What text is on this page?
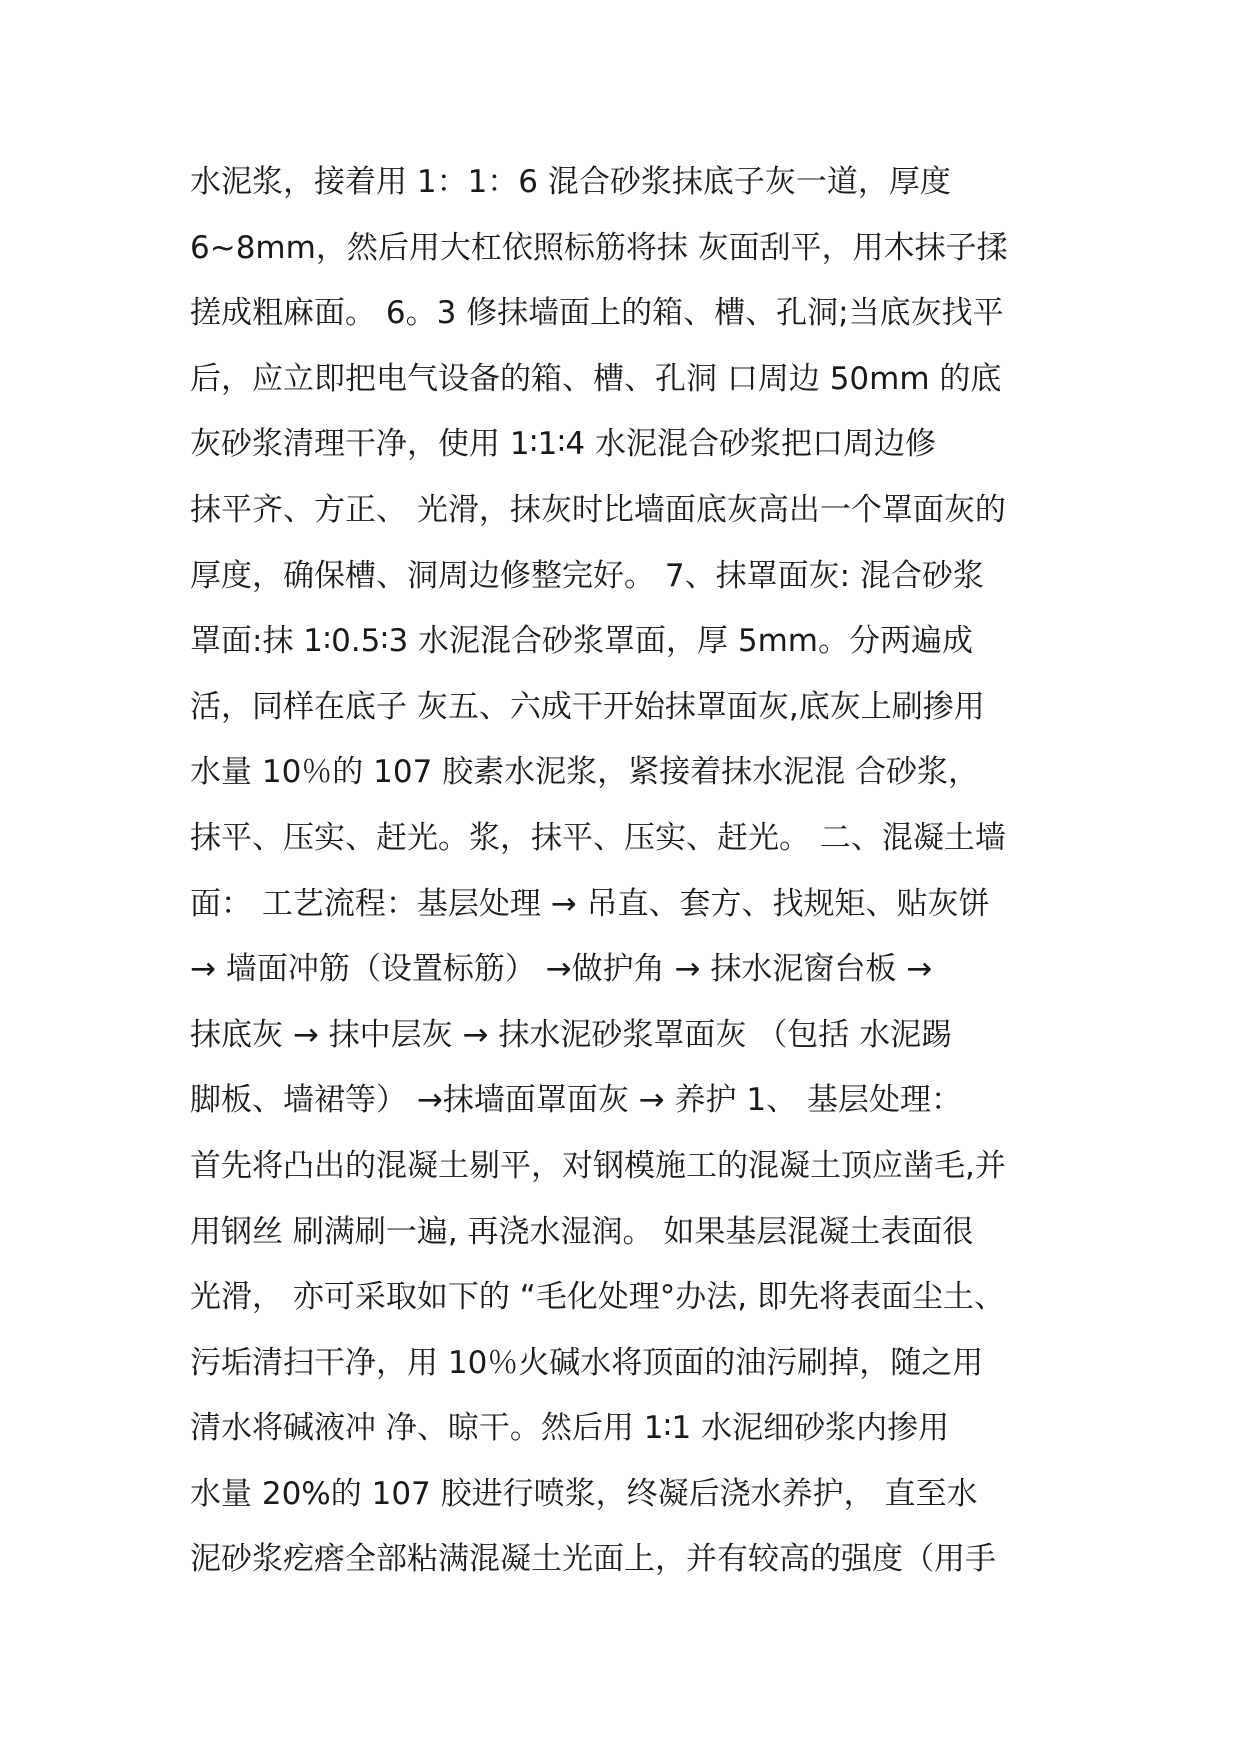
水泥浆，接着用 1：1：6 混合砂浆抹底子灰一道，厚度
6~8mm，然后用大杠依照标筋将抹 灰面刮平，用木抹子揉
搓成粗麻面。 6。3 修抹墙面上的箱、槽、孔洞;当底灰找平
后，应立即把电气设备的箱、槽、孔洞 口周边 50mm 的底
灰砂浆清理干净，使用 1∶1∶4 水泥混合砂浆把口周边修
抹平齐、方正、 光滑，抹灰时比墙面底灰高出一个罩面灰的
厚度，确保槽、洞周边修整完好。 7、抹罩面灰: 混合砂浆
罩面:抹 1∶0.5∶3 水泥混合砂浆罩面，厚 5mm。分两遍成
活，同样在底子 灰五、六成干开始抹罩面灰,底灰上刷掺用
水量 10％的 107 胶素水泥浆，紧接着抹水泥混 合砂浆，
抹平、压实、赶光。浆，抹平、压实、赶光。 二、混凝土墙
面： 工艺流程：基层处理 → 吊直、套方、找规矩、贴灰饼
→ 墙面冲筋（设置标筋） →做护角 → 抹水泥窗台板 →
抹底灰 → 抹中层灰 → 抹水泥砂浆罩面灰 （包括 水泥踢
脚板、墙裙等） →抹墙面罩面灰 → 养护 1、 基层处理：
首先将凸出的混凝土剔平，对钢模施工的混凝土顶应凿毛,并
用钢丝 刷满刷一遍, 再浇水湿润。 如果基层混凝土表面很
光滑， 亦可采取如下的 “毛化处理°办法, 即先将表面尘土、
污垢清扫干净，用 10％火碱水将顶面的油污刷掉，随之用
清水将碱液冲 净、晾干。然后用 1∶1 水泥细砂浆内掺用
水量 20%的 107 胶进行喷浆，终凝后浇水养护， 直至水
泥砂浆疙瘩全部粘满混凝土光面上，并有较高的强度（用手
